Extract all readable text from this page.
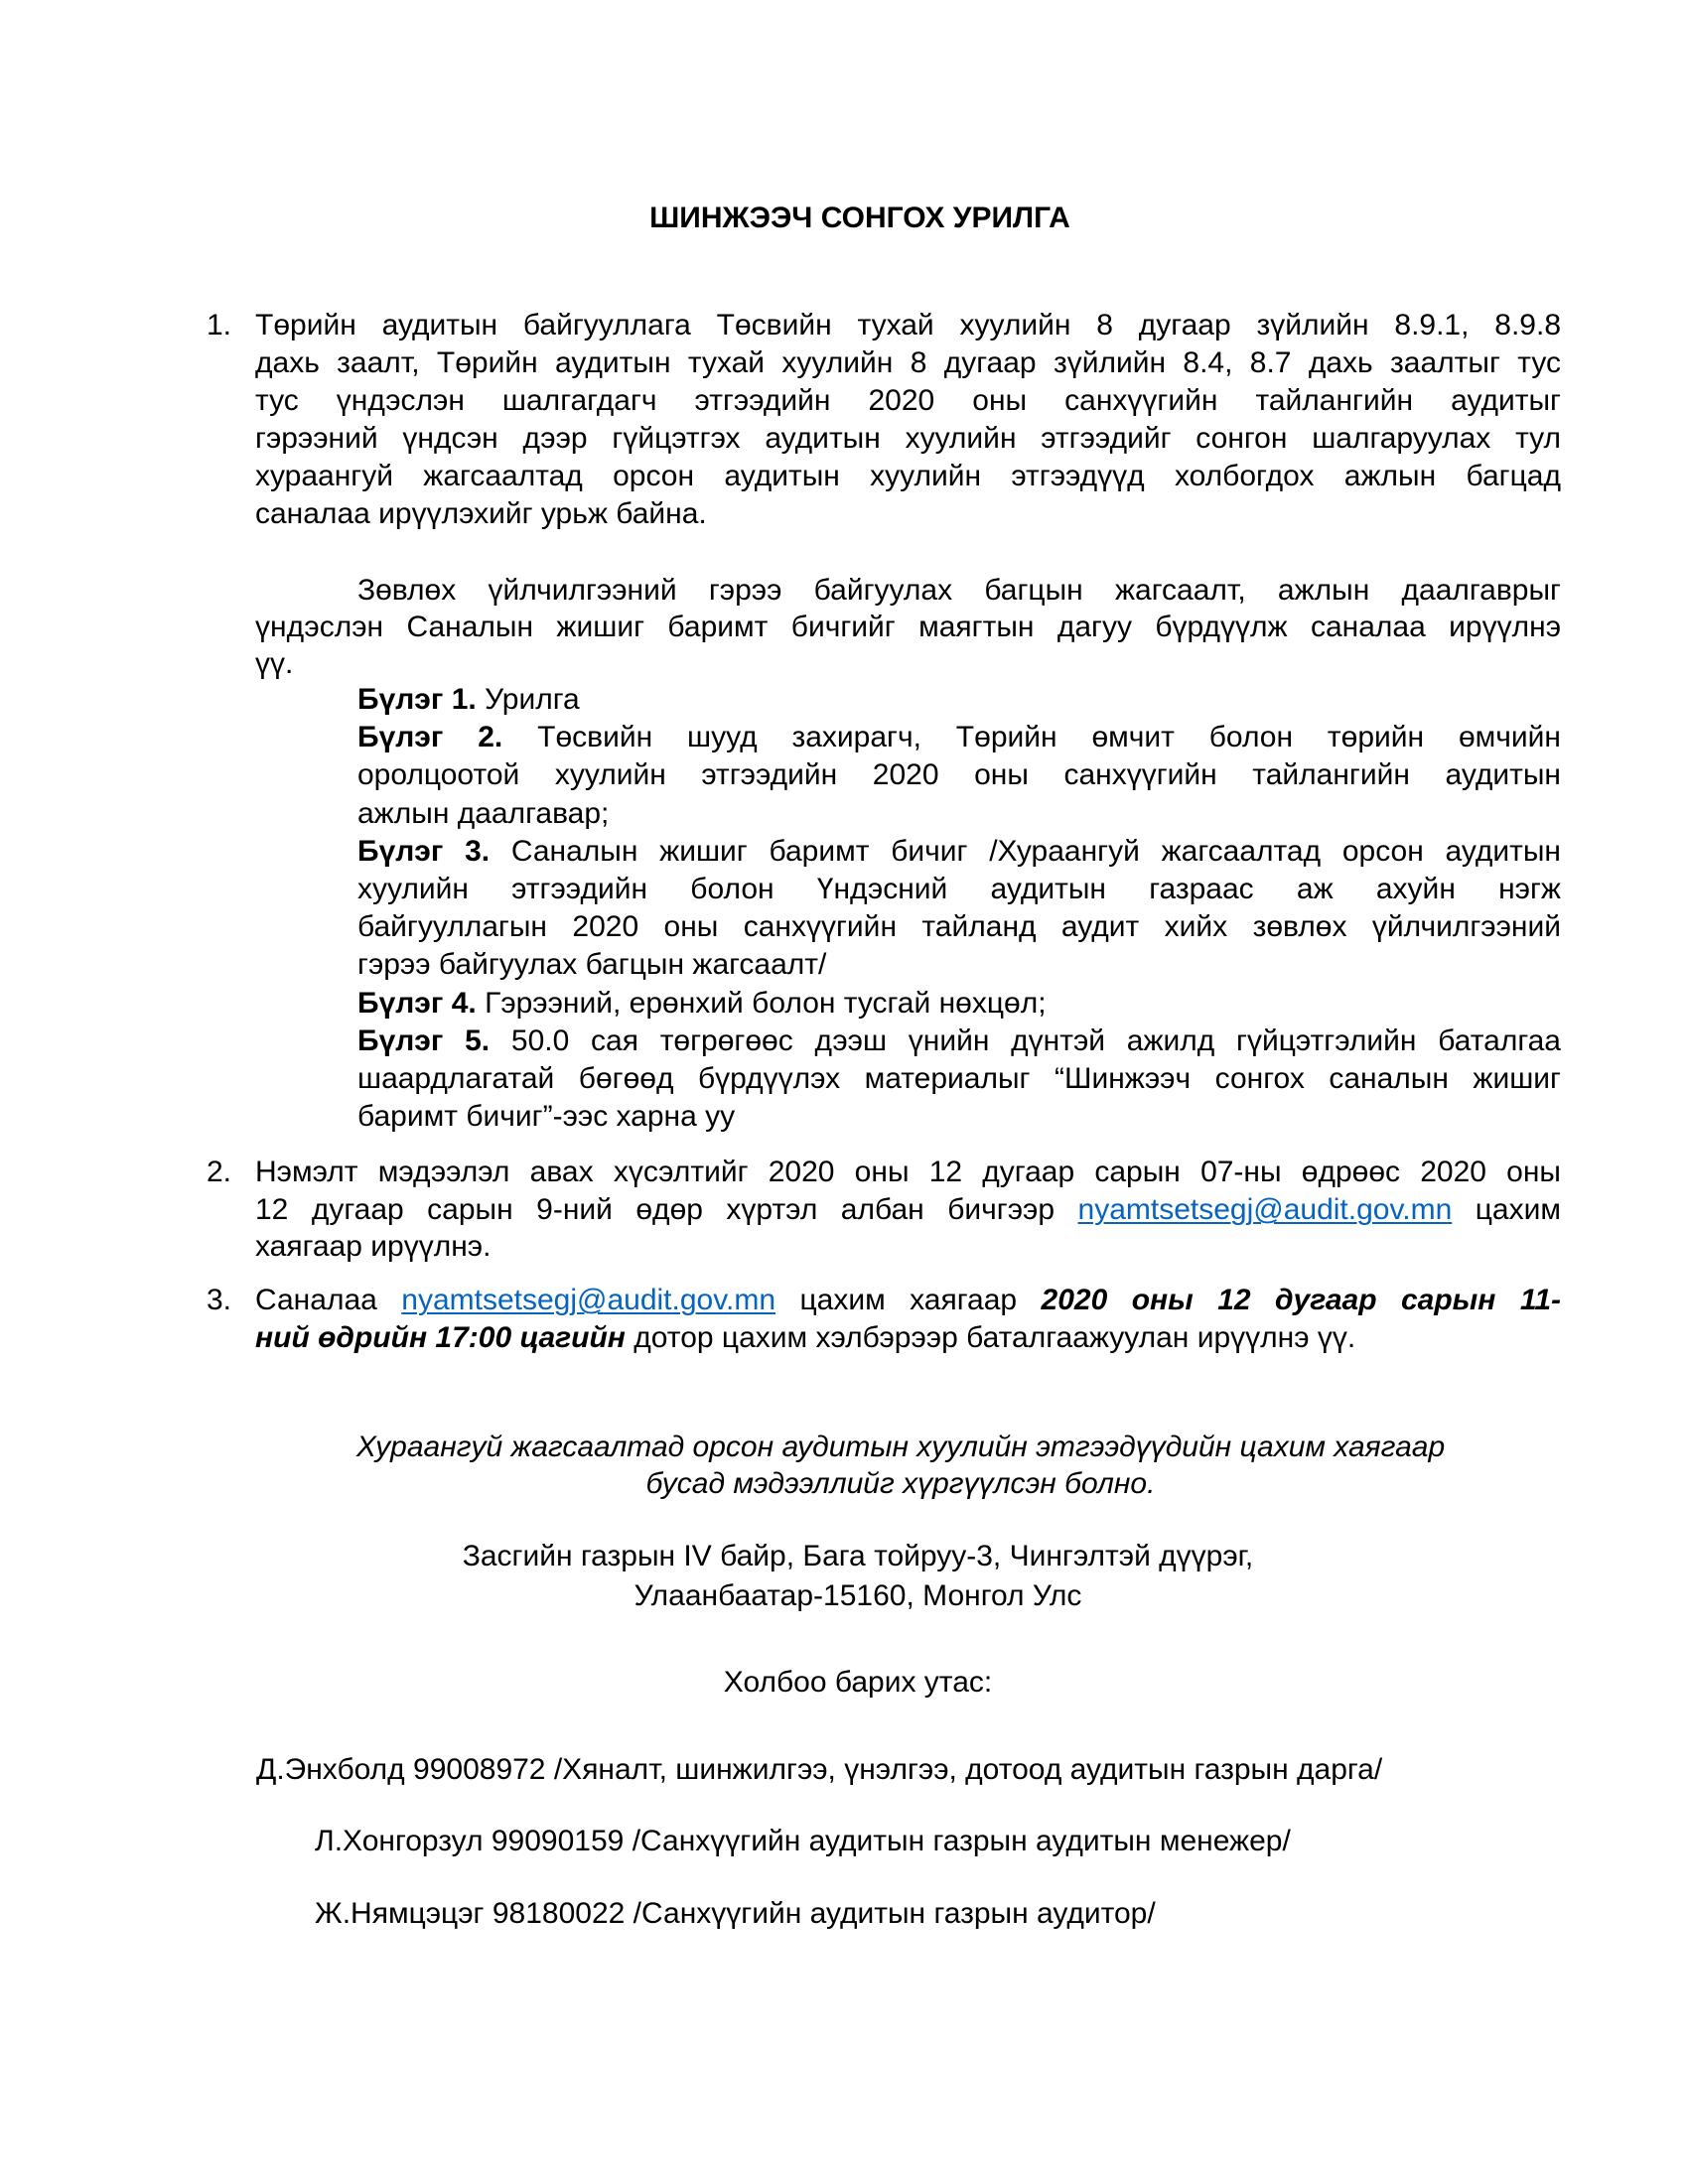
ШИНЖЭЭЧ СОНГОХ УРИЛГА
1. Төрийн аудитын байгууллага Төсвийн тухай хуулийн 8 дугаар зүйлийн 8.9.1, 8.9.8
дахь заалт, Төрийн аудитын тухай хуулийн 8 дугаар зүйлийн 8.4, 8.7 дахь заалтыг тус
тус үндэслэн шалгагдагч этгээдийн 2020 оны санхүүгийн тайлангийн аудитыг
гэрээний үндсэн дээр гүйцэтгэх аудитын хуулийн этгээдийг сонгон шалгаруулах тул
хураангуй жагсаалтад орсон аудитын хуулийн этгээдүүд холбогдох ажлын багцад
саналаа ирүүлэхийг урьж байна.
Зөвлөх үйлчилгээний гэрээ байгуулах багцын жагсаалт, ажлын даалгаврыг
үндэслэн Саналын жишиг баримт бичгийг маягтын дагуу бүрдүүлж саналаа ирүүлнэ
үү.
Бүлэг 1. Урилга
Бүлэг 2. Төсвийн шууд захирагч, Төрийн өмчит болон төрийн өмчийн
оролцоотой хуулийн этгээдийн 2020 оны санхүүгийн тайлангийн аудитын
ажлын даалгавар;
Бүлэг 3. Саналын жишиг баримт бичиг /Хураангуй жагсаалтад орсон аудитын
хуулийн этгээдийн болон Үндэсний аудитын газраас аж ахуйн нэгж
байгууллагын 2020 оны санхүүгийн тайланд аудит хийх зөвлөх үйлчилгээний
гэрээ байгуулах багцын жагсаалт/
Бүлэг 4. Гэрээний, ерөнхий болон тусгай нөхцөл;
Бүлэг 5. 50.0 сая төгрөгөөс дээш үнийн дүнтэй ажилд гүйцэтгэлийн баталгаа
шаардлагатай бөгөөд бүрдүүлэх материалыг “Шинжээч сонгох саналын жишиг
баримт бичиг”-ээс харна уу
2. Нэмэлт мэдээлэл авах хүсэлтийг 2020 оны 12 дугаар сарын 07-ны өдрөөс 2020 оны
12 дугаар сарын 9-ний өдөр хүртэл албан бичгээр nyamtsetsegj@audit.gov.mn цахим
хаягаар ирүүлнэ.
3. Саналаа nyamtsetsegj@audit.gov.mn цахим хаягаар 2020 оны 12 дугаар сарын 11-
ний өдрийн 17:00 цагийн дотор цахим хэлбэрээр баталгаажуулан ирүүлнэ үү.
Хураангуй жагсаалтад орсон аудитын хуулийн этгээдүүдийн цахим хаягаар
бусад мэдээллийг хүргүүлсэн болно.
Засгийн газрын IV байр, Бага тойруу-3, Чингэлтэй дүүрэг,
Улаанбаатар-15160, Монгол Улс
Холбоо барих утас:
Д.Энхболд 99008972 /Хяналт, шинжилгээ, үнэлгээ, дотоод аудитын газрын дарга/
Л.Хонгорзул 99090159 /Санхүүгийн аудитын газрын аудитын менежер/
Ж.Нямцэцэг 98180022 /Санхүүгийн аудитын газрын аудитор/
